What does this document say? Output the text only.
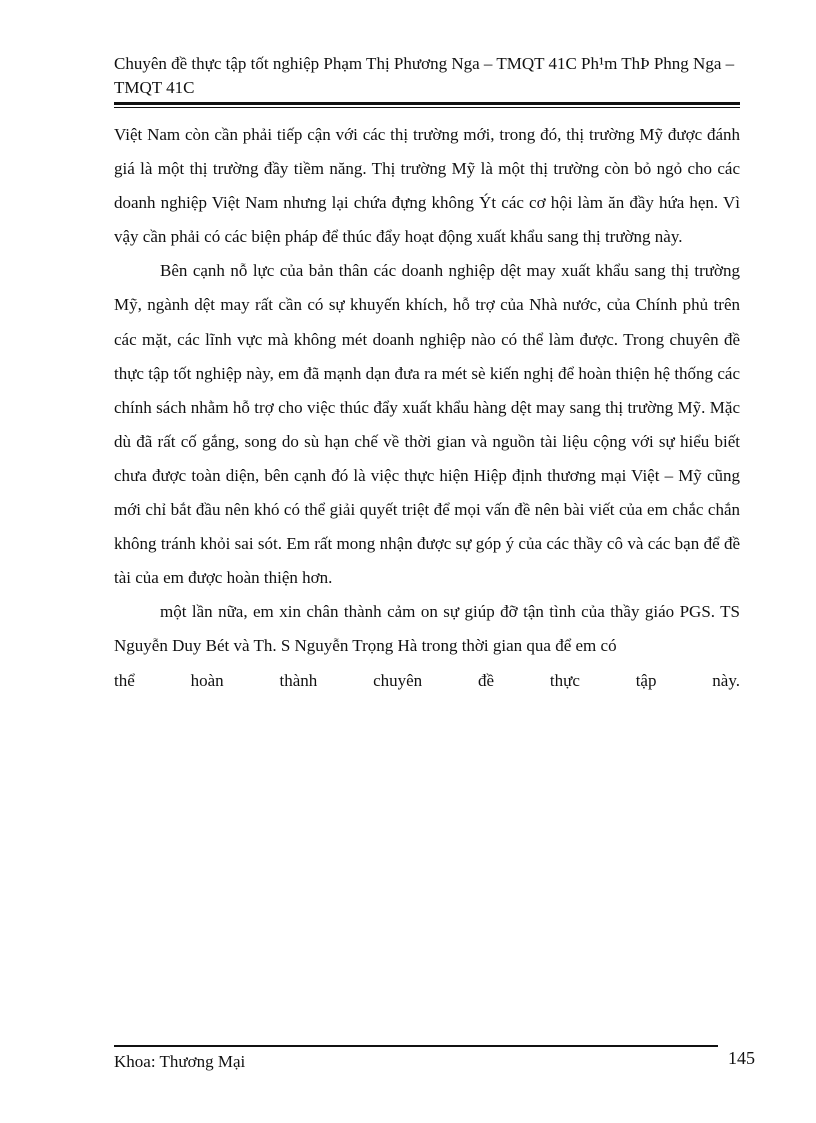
Chuyên đề thực tập tốt nghiệp Phạm Thị Phương Nga – TMQT 41C Ph¹m ThÞ Phng Nga – TMQT 41C

Việt Nam còn cần phải tiếp cận với các thị trường mới, trong đó, thị trường Mỹ được đánh giá là một thị trường đầy tiềm năng. Thị trường Mỹ là một thị trường còn bỏ ngỏ cho các doanh nghiệp Việt Nam nhưng lại chứa đựng không Ýt các cơ hội làm ăn đầy hứa hẹn. Vì vậy cần phải có các biện pháp để thúc đẩy hoạt động xuất khẩu sang thị trường này.

Bên cạnh nỗ lực của bản thân các doanh nghiệp dệt may xuất khẩu sang thị trường Mỹ, ngành dệt may rất cần có sự khuyến khích, hỗ trợ của Nhà nước, của Chính phủ trên các mặt, các lĩnh vực mà không mét doanh nghiệp nào có thể làm được. Trong chuyên đề thực tập tốt nghiệp này, em đã mạnh dạn đưa ra mét sè kiến nghị để hoàn thiện hệ thống các chính sách nhằm hỗ trợ cho việc thúc đẩy xuất khẩu hàng dệt may sang thị trường Mỹ. Mặc dù đã rất cố gắng, song do sù hạn chế về thời gian và nguồn tài liệu cộng với sự hiểu biết chưa được toàn diện, bên cạnh đó là việc thực hiện Hiệp định thương mại Việt – Mỹ cũng mới chỉ bắt đầu nên khó có thể giải quyết triệt để mọi vấn đề nên bài viết của em chắc chắn không tránh khỏi sai sót. Em rất mong nhận được sự góp ý của các thầy cô và các bạn để đề tài của em được hoàn thiện hơn.

một lần nữa, em xin chân thành cảm on sự giúp đỡ tận tình của thầy giáo PGS. TS Nguyễn Duy Bét và Th. S Nguyễn Trọng Hà trong thời gian qua để em có

thể hoàn thành chuyên đề thực tập này.

Khoa: Thương Mại	145
